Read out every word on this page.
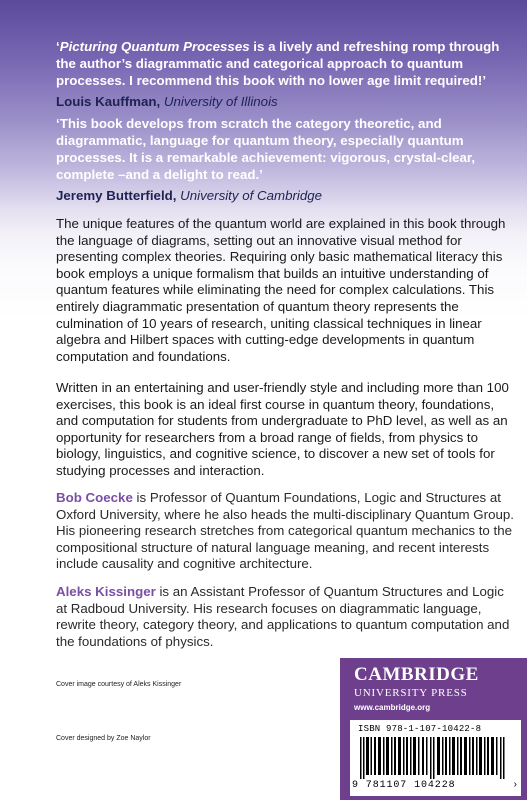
‘Picturing Quantum Processes is a lively and refreshing romp through the author’s diagrammatic and categorical approach to quantum processes. I recommend this book with no lower age limit required!’

Louis Kauffman, University of Illinois

‘This book develops from scratch the category theoretic, and diagrammatic, language for quantum theory, especially quantum processes. It is a remarkable achievement: vigorous, crystal-clear, complete –and a delight to read.’

Jeremy Butterfield, University of Cambridge

The unique features of the quantum world are explained in this book through the language of diagrams, setting out an innovative visual method for presenting complex theories. Requiring only basic mathematical literacy this book employs a unique formalism that builds an intuitive understanding of quantum features while eliminating the need for complex calculations. This entirely diagrammatic presentation of quantum theory represents the culmination of 10 years of research, uniting classical techniques in linear algebra and Hilbert spaces with cutting-edge developments in quantum computation and foundations.

Written in an entertaining and user-friendly style and including more than 100 exercises, this book is an ideal first course in quantum theory, foundations, and computation for students from undergraduate to PhD level, as well as an opportunity for researchers from a broad range of fields, from physics to biology, linguistics, and cognitive science, to discover a new set of tools for studying processes and interaction.

Bob Coecke is Professor of Quantum Foundations, Logic and Structures at Oxford University, where he also heads the multi-disciplinary Quantum Group. His pioneering research stretches from categorical quantum mechanics to the compositional structure of natural language meaning, and recent interests include causality and cognitive architecture.

Aleks Kissinger is an Assistant Professor of Quantum Structures and Logic at Radboud University. His research focuses on diagrammatic language, rewrite theory, category theory, and applications to quantum computation and the foundations of physics.

Cover image courtesy of Aleks Kissinger
Cover designed by Zoe Naylor
CAMBRIDGE
UNIVERSITY PRESS
www.cambridge.org
ISBN 978-1-107-10422-8
9 781107 104228	›
